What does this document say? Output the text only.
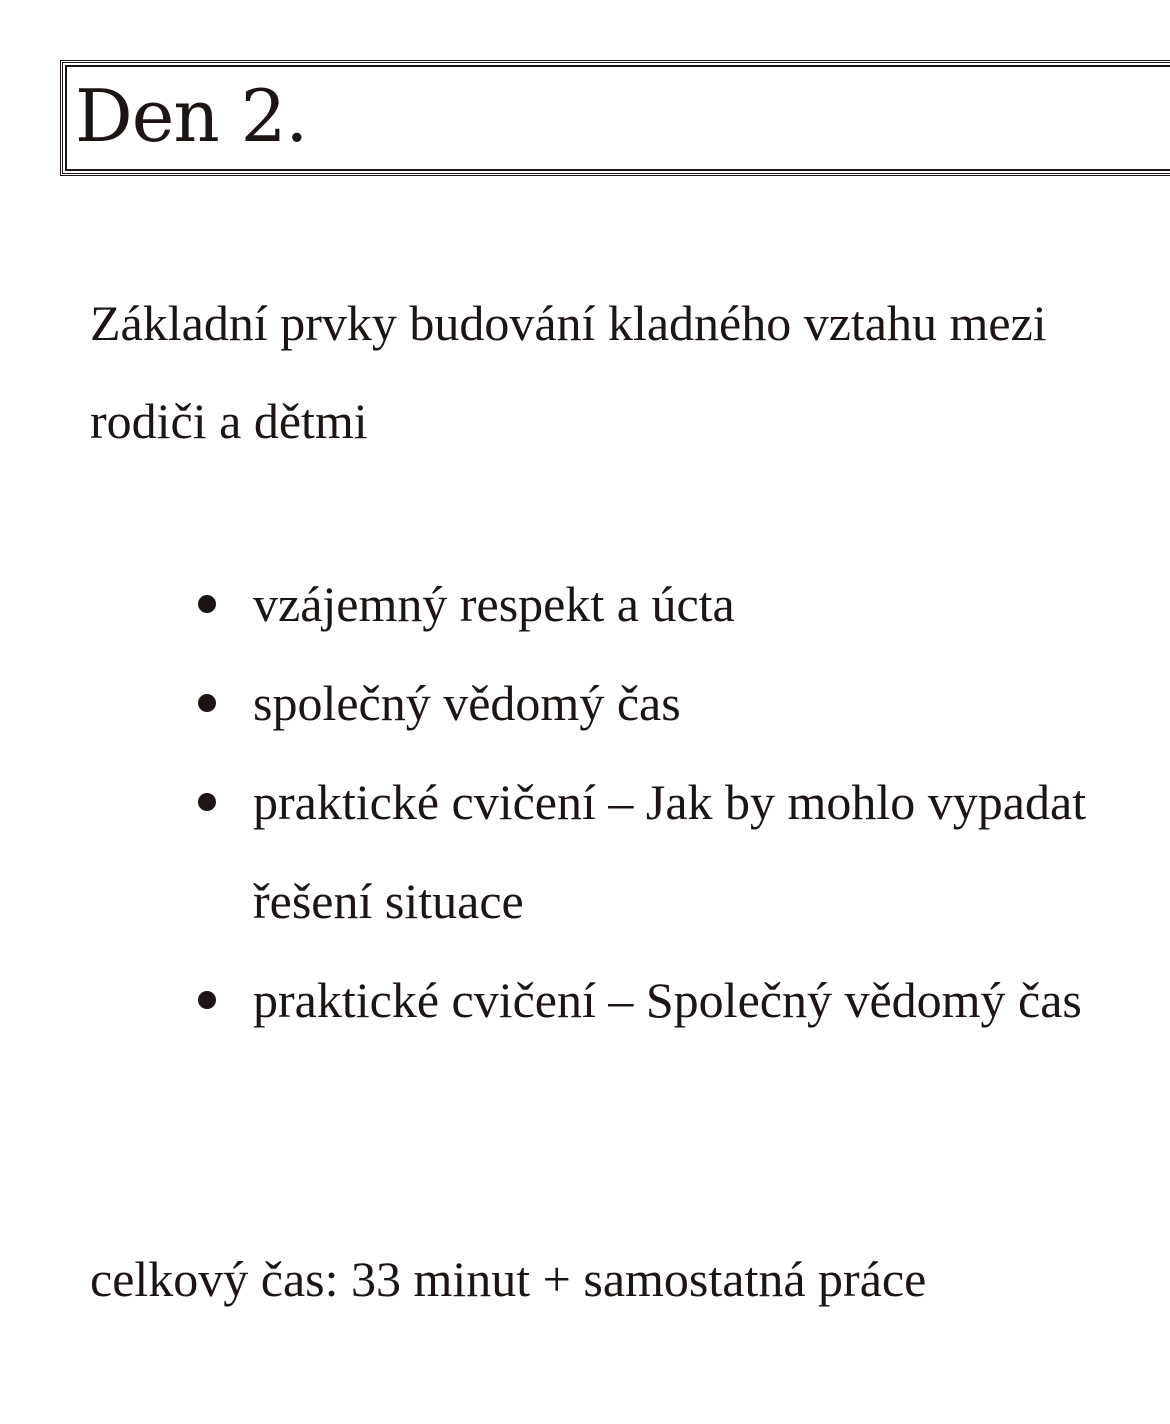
Den 2.

Základní prvky budování kladného vztahu mezi rodiči a dětmi

vzájemný respekt a úcta
společný vědomý čas
praktické cvičení – Jak by mohlo vypadat řešení situace
praktické cvičení – Společný vědomý čas

celkový čas: 33 minut + samostatná práce
